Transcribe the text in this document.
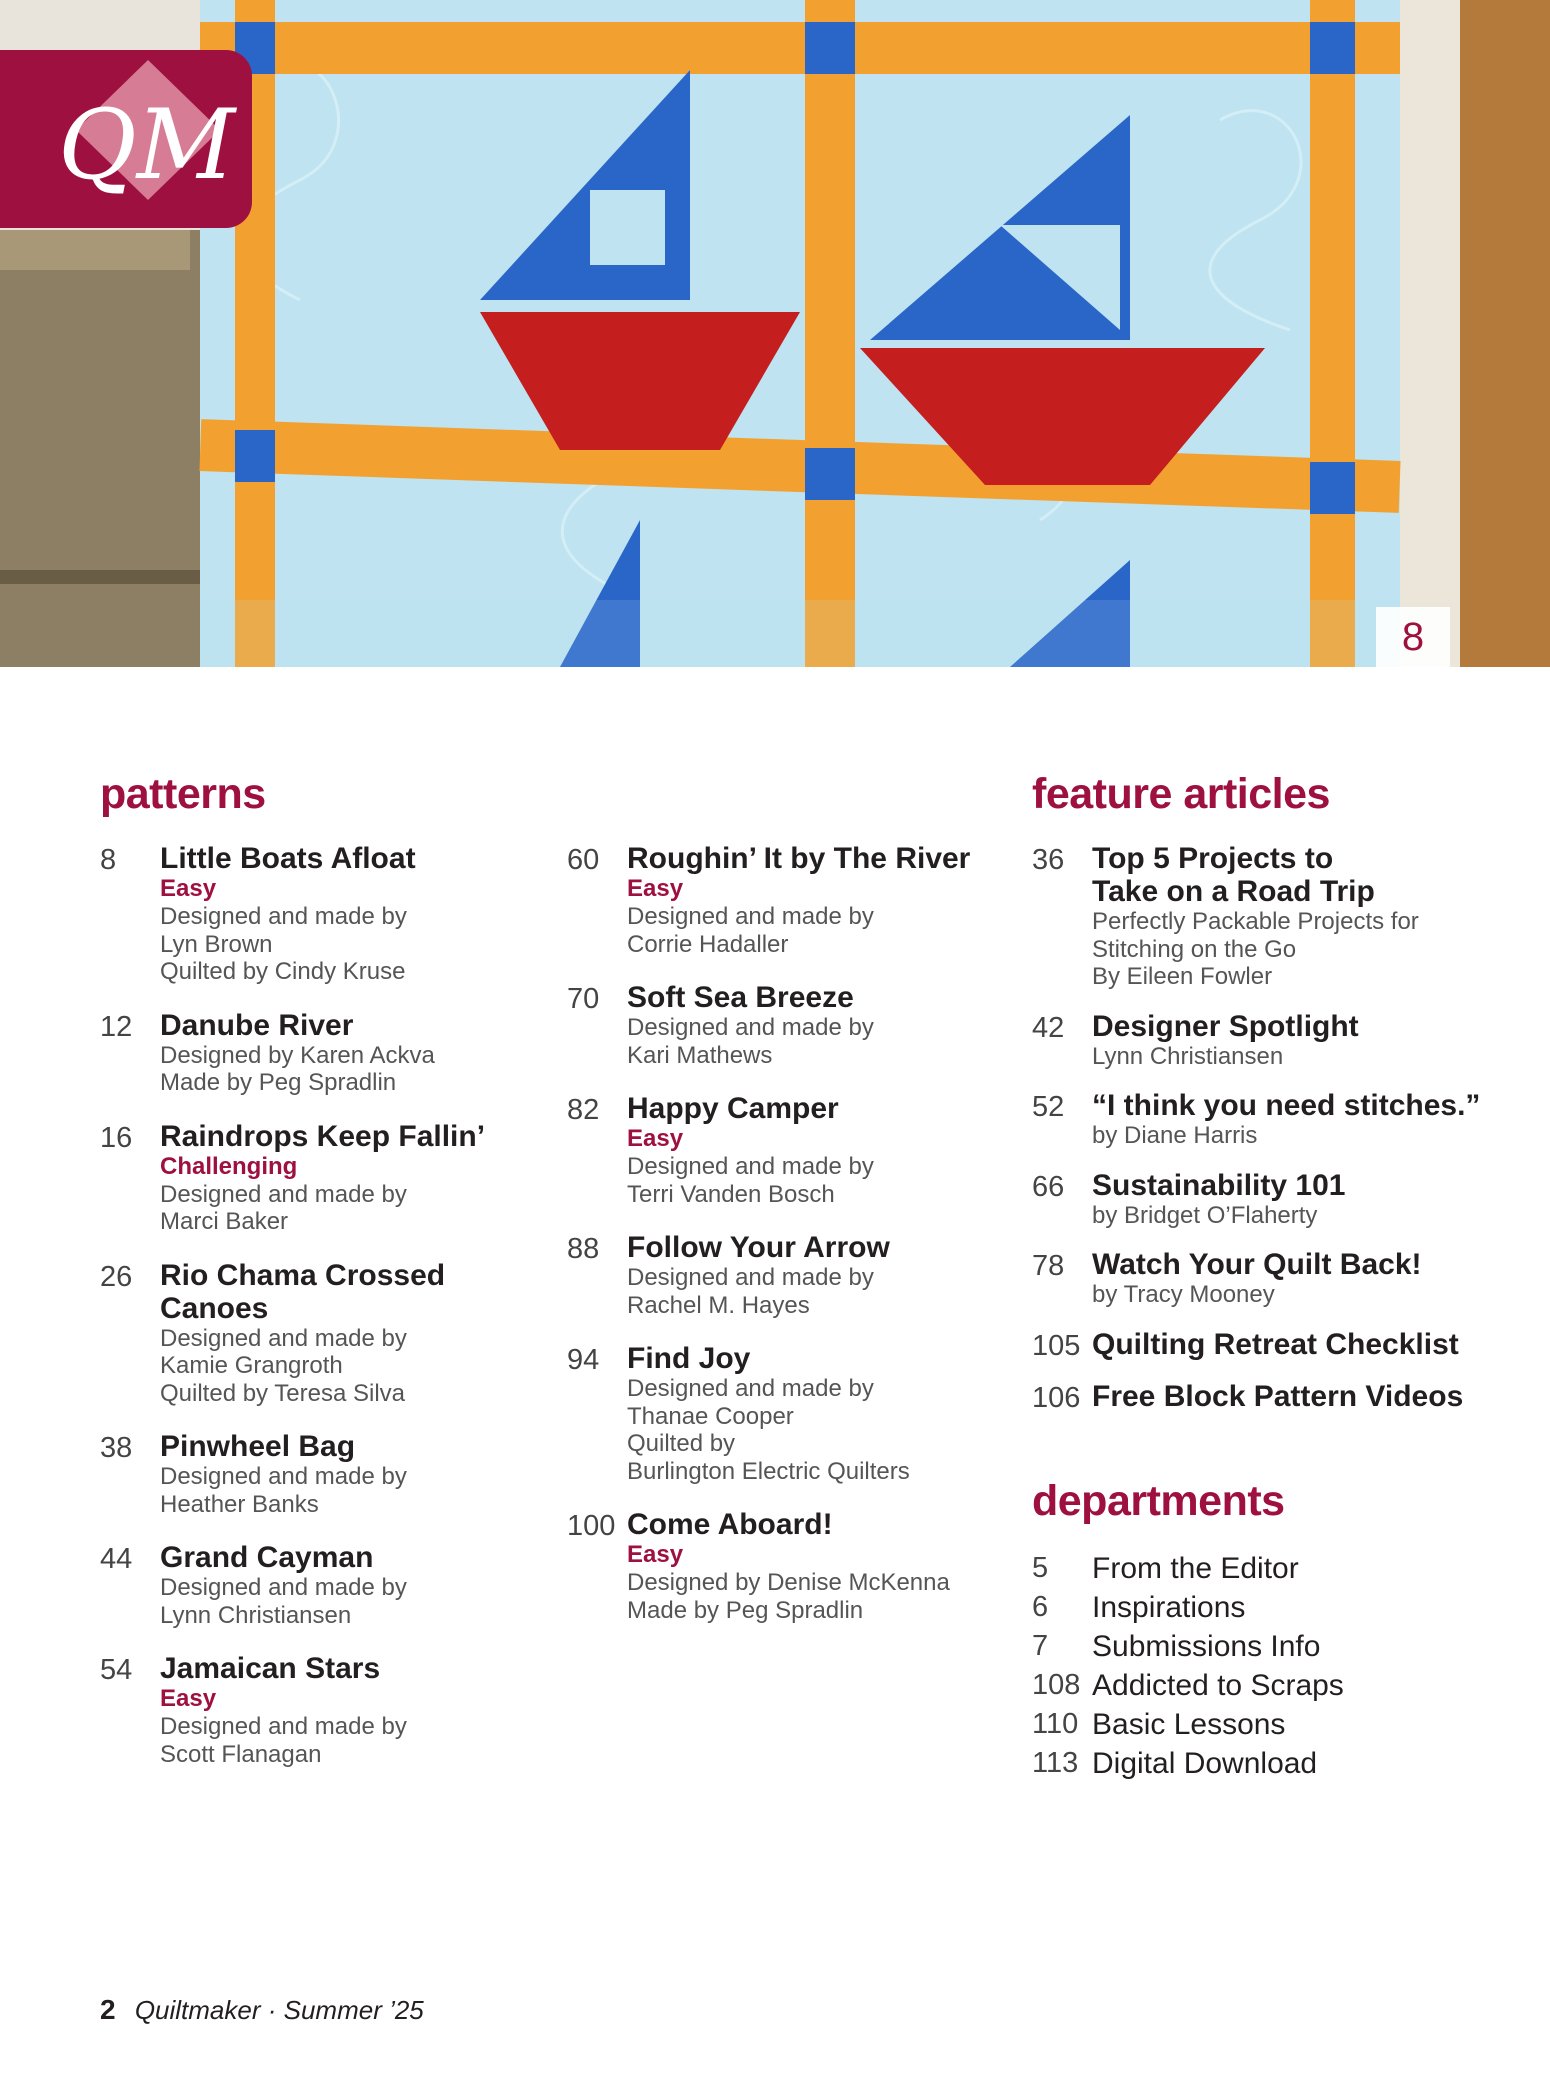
QM
8
patterns
8 Little Boats Afloat
Easy
Designed and made by
Lyn Brown
Quilted by Cindy Kruse
12 Danube River
Designed by Karen Ackva
Made by Peg Spradlin
16 Raindrops Keep Fallin’
Challenging
Designed and made by
Marci Baker
26 Rio Chama Crossed Canoes
Designed and made by
Kamie Grangroth
Quilted by Teresa Silva
38 Pinwheel Bag
Designed and made by
Heather Banks
44 Grand Cayman
Designed and made by
Lynn Christiansen
54 Jamaican Stars
Easy
Designed and made by
Scott Flanagan
60 Roughin’ It by The River
Easy
Designed and made by
Corrie Hadaller
70 Soft Sea Breeze
Designed and made by
Kari Mathews
82 Happy Camper
Easy
Designed and made by
Terri Vanden Bosch
88 Follow Your Arrow
Designed and made by
Rachel M. Hayes
94 Find Joy
Designed and made by
Thanae Cooper
Quilted by
Burlington Electric Quilters
100 Come Aboard!
Easy
Designed by Denise McKenna
Made by Peg Spradlin
feature articles
36 Top 5 Projects to
Take on a Road Trip
Perfectly Packable Projects for
Stitching on the Go
By Eileen Fowler
42 Designer Spotlight
Lynn Christiansen
52 “I think you need stitches.”
by Diane Harris
66 Sustainability 101
by Bridget O’Flaherty
78 Watch Your Quilt Back!
by Tracy Mooney
105 Quilting Retreat Checklist
106 Free Block Pattern Videos
departments
5 From the Editor
6 Inspirations
7 Submissions Info
108 Addicted to Scraps
110 Basic Lessons
113 Digital Download
2 Quiltmaker · Summer ’25
